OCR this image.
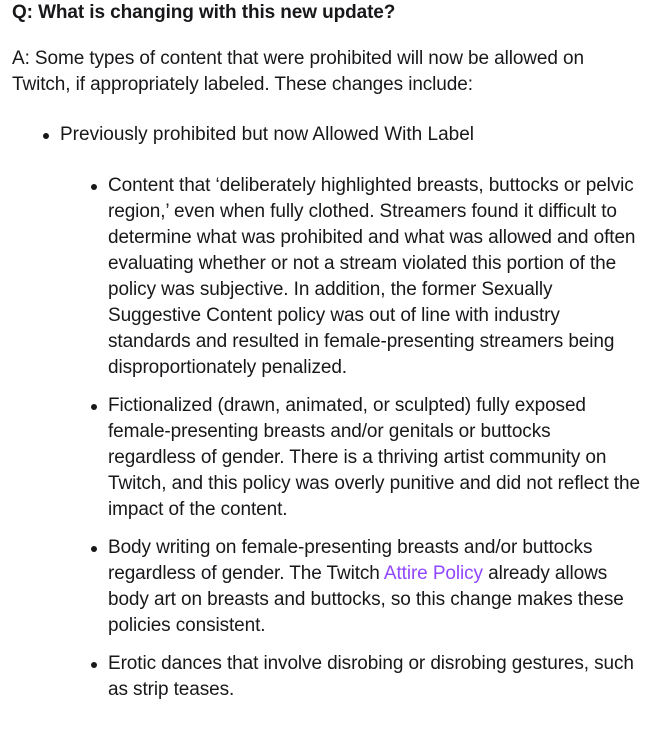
Q: What is changing with this new update?
A: Some types of content that were prohibited will now be allowed on Twitch, if appropriately labeled. These changes include:
Previously prohibited but now Allowed With Label
Content that ‘deliberately highlighted breasts, buttocks or pelvic region,’ even when fully clothed. Streamers found it difficult to determine what was prohibited and what was allowed and often evaluating whether or not a stream violated this portion of the policy was subjective. In addition, the former Sexually Suggestive Content policy was out of line with industry standards and resulted in female-presenting streamers being disproportionately penalized.
Fictionalized (drawn, animated, or sculpted) fully exposed female-presenting breasts and/or genitals or buttocks regardless of gender. There is a thriving artist community on Twitch, and this policy was overly punitive and did not reflect the impact of the content.
Body writing on female-presenting breasts and/or buttocks regardless of gender. The Twitch Attire Policy already allows body art on breasts and buttocks, so this change makes these policies consistent.
Erotic dances that involve disrobing or disrobing gestures, such as strip teases.
